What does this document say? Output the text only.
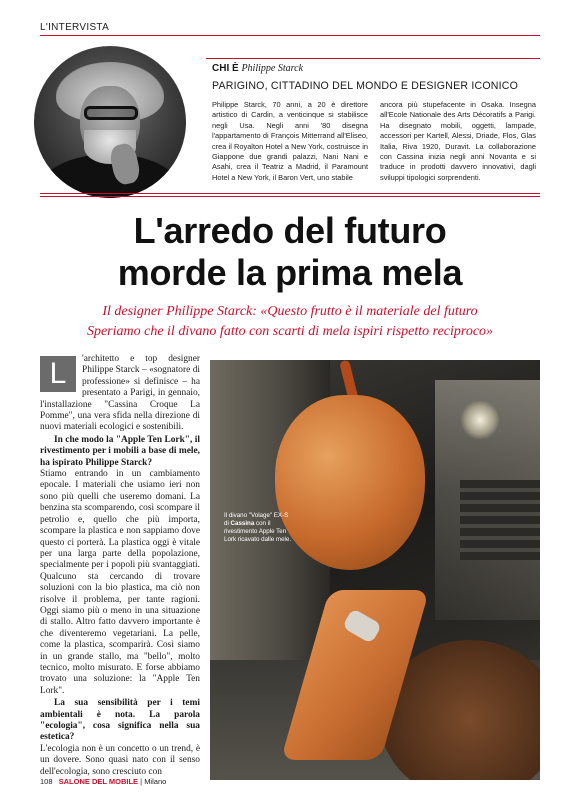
L'INTERVISTA
CHI È Philippe Starck
PARIGINO, CITTADINO DEL MONDO E DESIGNER ICONICO
Philippe Starck, 70 anni, a 20 è direttore artistico di Cardin, a venticinque si stabilisce negli Usa. Negli anni '80 disegna l'appartamento di François Mitterrand all'Eliseo, crea il Royalton Hotel a New York, costruisce in Giappone due grandi palazzi, Nani Nani e Asahi, crea il Teatriz a Madrid, il Paramount Hotel a New York, il Baron Vert, uno stabile
ancora più stupefacente in Osaka. Insegna all'Ecole Nationale des Arts Décoratifs a Parigi. Ha disegnato mobili, oggetti, lampade, accessori per Kartell, Alessi, Driade, Flos, Glas Italia, Riva 1920, Duravit. La collaborazione con Cassina inizia negli anni Novanta e si traduce in prodotti davvero innovativi, dagli sviluppi tipologici sorprendenti.
L'arredo del futuro
morde la prima mela
Il designer Philippe Starck: «Questo frutto è il materiale del futuro
Speriamo che il divano fatto con scarti di mela ispiri rispetto reciproco»
L	'architetto e top designer Philippe Starck – «sognatore di professione» si definisce – ha presentato a Parigi, in gennaio, l'installazione "Cassina Croque La Pomme", una vera sfida nella direzione di nuovi materiali ecologici e sostenibili.

In che modo la "Apple Ten Lork", il rivestimento per i mobili a base di mele, ha ispirato Philippe Starck?

Stiamo entrando in un cambiamento epocale. I materiali che usiamo ieri non sono più quelli che useremo domani. La benzina sta scomparendo, così scompare il petrolio e, quello che più importa, scompare la plastica e non sappiamo dove questo ci porterà. La plastica oggi è vitale per una larga parte della popolazione, specialmente per i popoli più svantaggiati. Qualcuno sta cercando di trovare soluzioni con la bio plastica, ma ciò non risolve il problema, per tante ragioni. Oggi siamo più o meno in una situazione di stallo. Altro fatto davvero importante è che diventeremo vegetariani. La pelle, come la plastica, scomparirà. Così siamo in un grande stallo, ma "bello", molto tecnico, molto misurato. E forse abbiamo trovato una soluzione: la "Apple Ten Lork".

La sua sensibilità per i temi ambientali è nota. La parola "ecologia", cosa significa nella sua estetica?

L'ecologia non è un concetto o un trend, è un dovere. Sono quasi nato con il senso dell'ecologia, sono cresciuto con

Il divano "Volage" EX-S di Cassina con il rivestimento Apple Ten Lork ricavato dalle mele.
108 SALONE DEL MOBILE | Milano
